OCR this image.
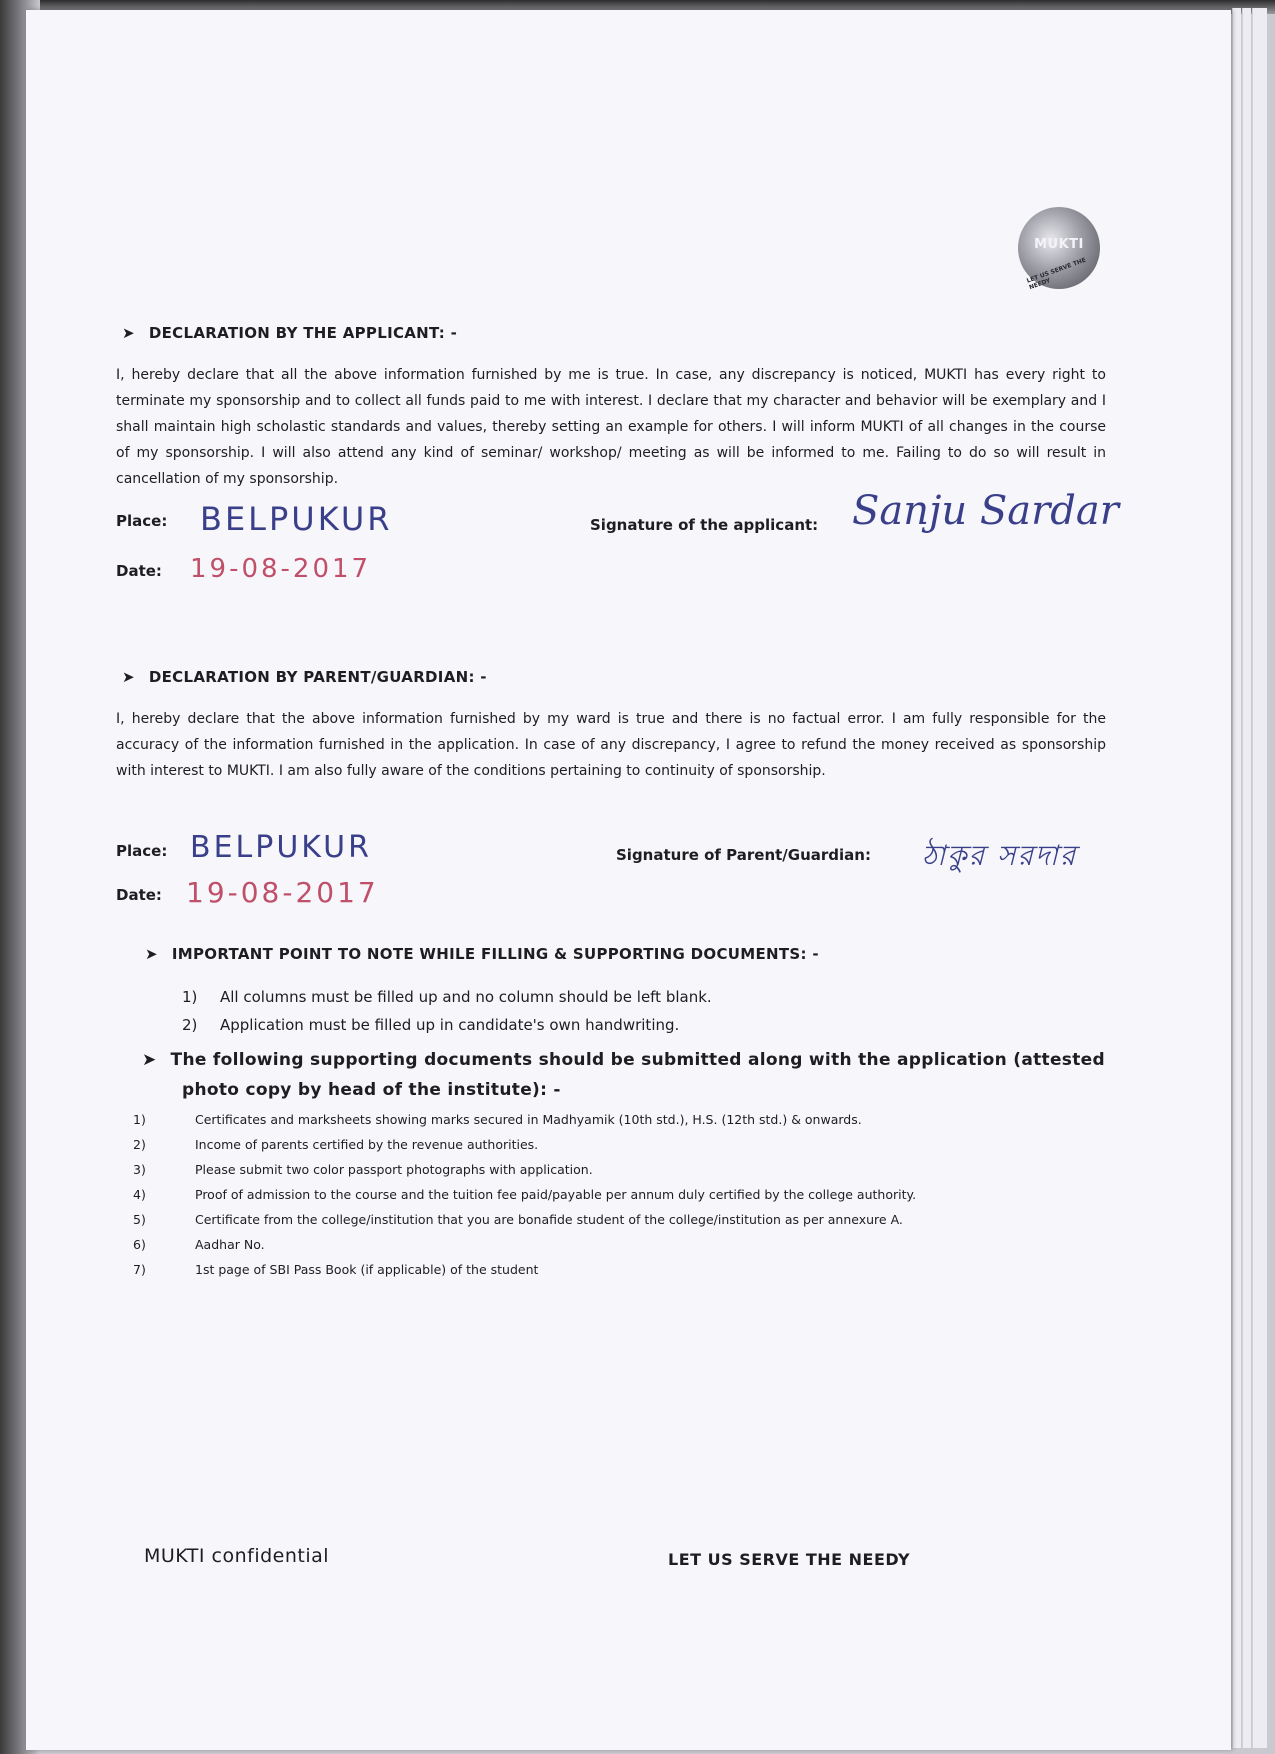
MUKTI
LET US SERVE THE NEEDY
➤ DECLARATION BY THE APPLICANT: -
I, hereby declare that all the above information furnished by me is true. In case, any discrepancy is noticed, MUKTI has every right to terminate my sponsorship and to collect all funds paid to me with interest. I declare that my character and behavior will be exemplary and I shall maintain high scholastic standards and values, thereby setting an example for others. I will inform MUKTI of all changes in the course of my sponsorship. I will also attend any kind of seminar/ workshop/ meeting as will be informed to me. Failing to do so will result in cancellation of my sponsorship.
Place: BELPUKUR	Signature of the applicant: Sanju Sardar
Date: 19-08-2017
➤ DECLARATION BY PARENT/GUARDIAN: -
I, hereby declare that the above information furnished by my ward is true and there is no factual error. I am fully responsible for the accuracy of the information furnished in the application. In case of any discrepancy, I agree to refund the money received as sponsorship with interest to MUKTI. I am also fully aware of the conditions pertaining to continuity of sponsorship.
Place: BELPUKUR	Signature of Parent/Guardian: ঠাকুর সরদার
Date: 19-08-2017
➤ IMPORTANT POINT TO NOTE WHILE FILLING & SUPPORTING DOCUMENTS: -
1) All columns must be filled up and no column should be left blank.
2) Application must be filled up in candidate's own handwriting.
➤ The following supporting documents should be submitted along with the application (attested
photo copy by head of the institute): -
1)	Certificates and marksheets showing marks secured in Madhyamik (10th std.), H.S. (12th std.) & onwards.
2)	Income of parents certified by the revenue authorities.
3)	Please submit two color passport photographs with application.
4)	Proof of admission to the course and the tuition fee paid/payable per annum duly certified by the college authority.
5)	Certificate from the college/institution that you are bonafide student of the college/institution as per annexure A.
6)	Aadhar No.
7)	1st page of SBI Pass Book (if applicable) of the student
MUKTI confidential	LET US SERVE THE NEEDY
